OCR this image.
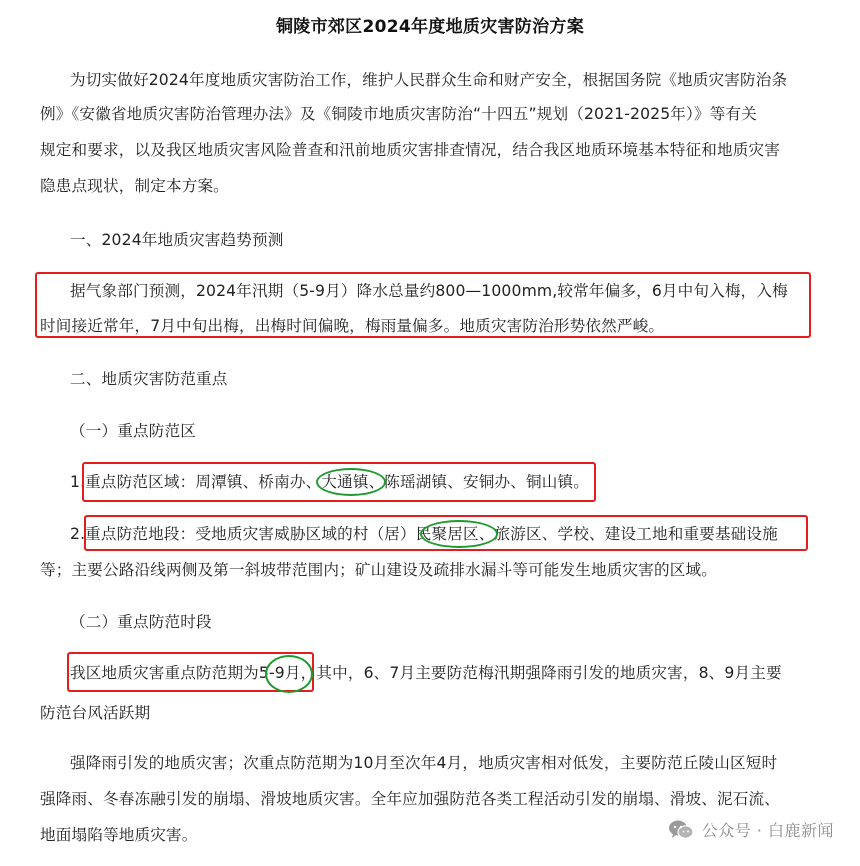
铜陵市郊区2024年度地质灾害防治方案
为切实做好2024年度地质灾害防治工作，维护人民群众生命和财产安全，根据国务院《地质灾害防治条
例》《安徽省地质灾害防治管理办法》及《铜陵市地质灾害防治“十四五”规划（2021-2025年）》等有关
规定和要求，以及我区地质灾害风险普查和汛前地质灾害排查情况，结合我区地质环境基本特征和地质灾害
隐患点现状，制定本方案。
一、2024年地质灾害趋势预测
据气象部门预测，2024年汛期（5-9月）降水总量约800—1000mm,较常年偏多，6月中旬入梅，入梅
时间接近常年，7月中旬出梅，出梅时间偏晚，梅雨量偏多。地质灾害防治形势依然严峻。
二、地质灾害防范重点
（一）重点防范区
1.重点防范区域：周潭镇、桥南办、大通镇、陈瑶湖镇、安铜办、铜山镇。
2.重点防范地段：受地质灾害威胁区域的村（居）民聚居区、旅游区、学校、建设工地和重要基础设施
等；主要公路沿线两侧及第一斜坡带范围内；矿山建设及疏排水漏斗等可能发生地质灾害的区域。
（二）重点防范时段
我区地质灾害重点防范期为5-9月，其中，6、7月主要防范梅汛期强降雨引发的地质灾害，8、9月主要
防范台风活跃期
强降雨引发的地质灾害；次重点防范期为10月至次年4月，地质灾害相对低发，主要防范丘陵山区短时
强降雨、冬春冻融引发的崩塌、滑坡地质灾害。全年应加强防范各类工程活动引发的崩塌、滑坡、泥石流、
地面塌陷等地质灾害。	公众号 · 白鹿新闻
